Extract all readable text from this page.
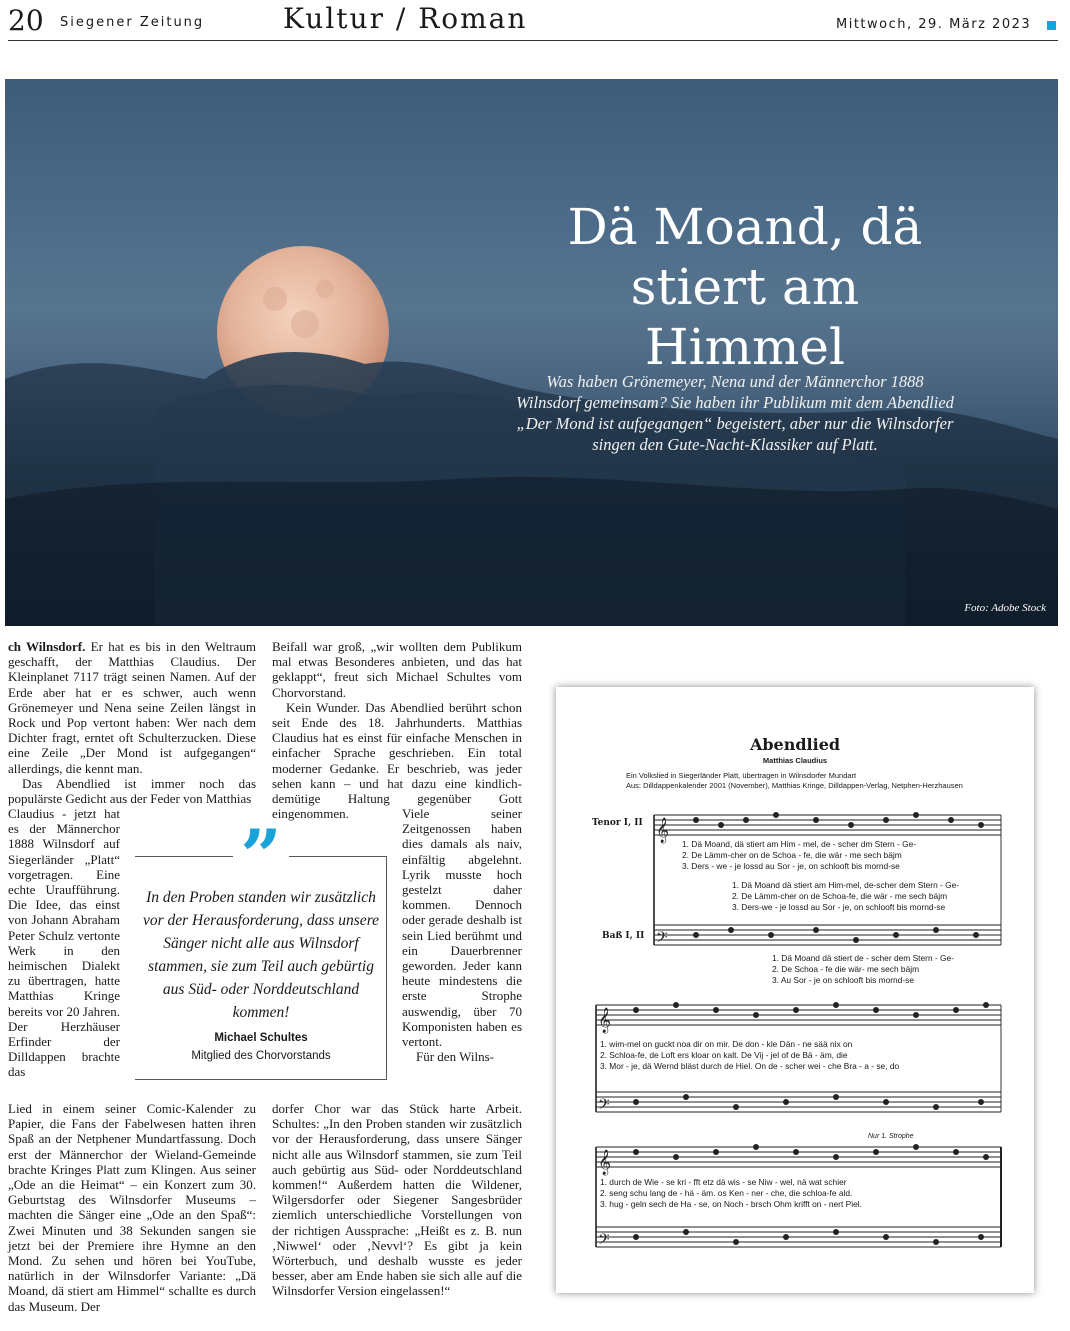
20 Siegener Zeitung	Kultur / Roman	Mittwoch, 29. März 2023
Dä Moand, dä stiert am Himmel
Was haben Grönemeyer, Nena und der Männerchor 1888 Wilnsdorf gemeinsam? Sie haben ihr Publikum mit dem Abendlied „Der Mond ist aufgegangen“ begeistert, aber nur die Wilnsdorfer singen den Gute-Nacht-Klassiker auf Platt.
Foto: Adobe Stock

ch Wilnsdorf. Er hat es bis in den Weltraum geschafft, der Matthias Claudius. Der Kleinplanet 7117 trägt seinen Namen. Auf der Erde aber hat er es schwer, auch wenn Grönemeyer und Nena seine Zeilen längst in Rock und Pop vertont haben: Wer nach dem Dichter fragt, erntet oft Schulterzucken. Diese eine Zeile „Der Mond ist aufgegangen“ allerdings, die kennt man.

Das Abendlied ist immer noch das populärste Gedicht aus der Feder von Matthias

Claudius - jetzt hat es der Männerchor 1888 Wilnsdorf auf Siegerländer „Platt“ vorgetragen. Eine echte Uraufführung. Die Idee, das einst von Johann Abraham Peter Schulz vertonte Werk in den heimischen Dialekt zu übertragen, hatte Matthias Kringe bereits vor 20 Jahren. Der Herzhäuser Erfinder der Dilldappen brachte das
Lied in einem seiner Comic-Kalender zu Papier, die Fans der Fabelwesen hatten ihren Spaß an der Netphener Mundartfassung. Doch erst der Männerchor der Wieland-Gemeinde brachte Kringes Platt zum Klingen. Aus seiner „Ode an die Heimat“ – ein Konzert zum 30. Geburtstag des Wilnsdorfer Museums – machten die Sänger eine „Ode an den Spaß“: Zwei Minuten und 38 Sekunden sangen sie jetzt bei der Premiere ihre Hymne an den Mond. Zu sehen und hören bei YouTube, natürlich in der Wilnsdorfer Variante: „Dä Moand, dä stiert am Himmel“ schallte es durch das Museum. Der

Beifall war groß, „wir wollten dem Publikum mal etwas Besonderes anbieten, und das hat geklappt“, freut sich Michael Schultes vom Chorvorstand.

Kein Wunder. Das Abendlied berührt schon seit Ende des 18. Jahrhunderts. Matthias Claudius hat es einst für einfache Menschen in einfacher Sprache geschrieben. Ein total moderner Gedanke. Er beschrieb, was jeder sehen kann – und hat dazu eine kindlich-demütige Haltung gegenüber Gott eingenommen.	Viele seiner Zeitgenossen haben dies damals als naiv, einfältig abgelehnt. Lyrik musste hoch gestelzt daher kommen. Dennoch oder gerade deshalb ist sein Lied berühmt und ein Dauerbrenner geworden. Jeder kann heute mindestens die erste Strophe auswendig, über 70 Komponisten haben es vertont.

Für den Wilns-

dorfer Chor war das Stück harte Arbeit. Schultes: „In den Proben standen wir zusätzlich vor der Herausforderung, dass unsere Sänger nicht alle aus Wilnsdorf stammen, sie zum Teil auch gebürtig aus Süd- oder Norddeutschland kommen!“ Außerdem hatten die Wildener, Wilgersdorfer oder Siegener Sangesbrüder ziemlich unterschiedliche Vorstellungen von der richtigen Aussprache: „Heißt es z. B. nun ‚Niwwel‘ oder ‚Nevvl‘? Es gibt ja kein Wörterbuch, und deshalb wusste es jeder besser, aber am Ende haben sie sich alle auf die Wilnsdorfer Version eingelassen!“
”
In den Proben standen wir zusätzlich vor der Herausforderung, dass unsere Sänger nicht alle aus Wilnsdorf stammen, sie zum Teil auch gebürtig aus Süd- oder Norddeutschland kommen!
Michael Schultes
Mitglied des Chorvorstands
Abendlied
Matthias Claudius
Ein Volkslied in Siegerländer Platt, übertragen in Wilnsdorfer Mundart
Aus: Dilldappenkalender 2001 (November), Matthias Kringe, Dilldappen-Verlag, Netphen-Herzhausen
𝄞
𝄢
𝄞
𝄢
𝄞
𝄢
Tenor I, II
Baß I, II
1. Dä Moand, dä stiert am Him - mel, de - scher dm Stern - Ge-
2. De Lämm-cher on de Schoa - fe, die wär - me sech bäjm
3. Ders - we - je lossd au Sor - je, on schlooft bis mornd-se
1. Dä Moand dä stiert am Him-mel, de-scher dem Stern - Ge-
2. De Lämm-cher on de Schoa-fe, die wär - me sech bäjm
3. Ders-we - je lossd au Sor - je, on schlooft bis mornd-se
1. Dä Moand dä stiert de - scher dem Stern - Ge-
2. De Schoa - fe die wär- me sech bäjm
3. Au Sor - je on schlooft bis mornd-se
1. wim-mel on guckt noa dir on mir. De don - kle Dän - ne sää nix on
2. Schloa-fe, de Loft ers kloar on kalt. De Vij - jel of de Bä - äm, die
3. Mor - je, dä Wernd bläst durch de Hiel. On de - scher wei - che Bra - a - se, do
Nur 1. Strophe
1. durch de Wie - se kri - fft etz dä wis - se Niw - wel, nä wat schier
2. seng schu lang de - hä - äm. os Ken - ner - che, die schloa-fe ald.
3. hug - geln sech de Ha - se, on Noch - brsch Ohm krifft on - nert Piel.
